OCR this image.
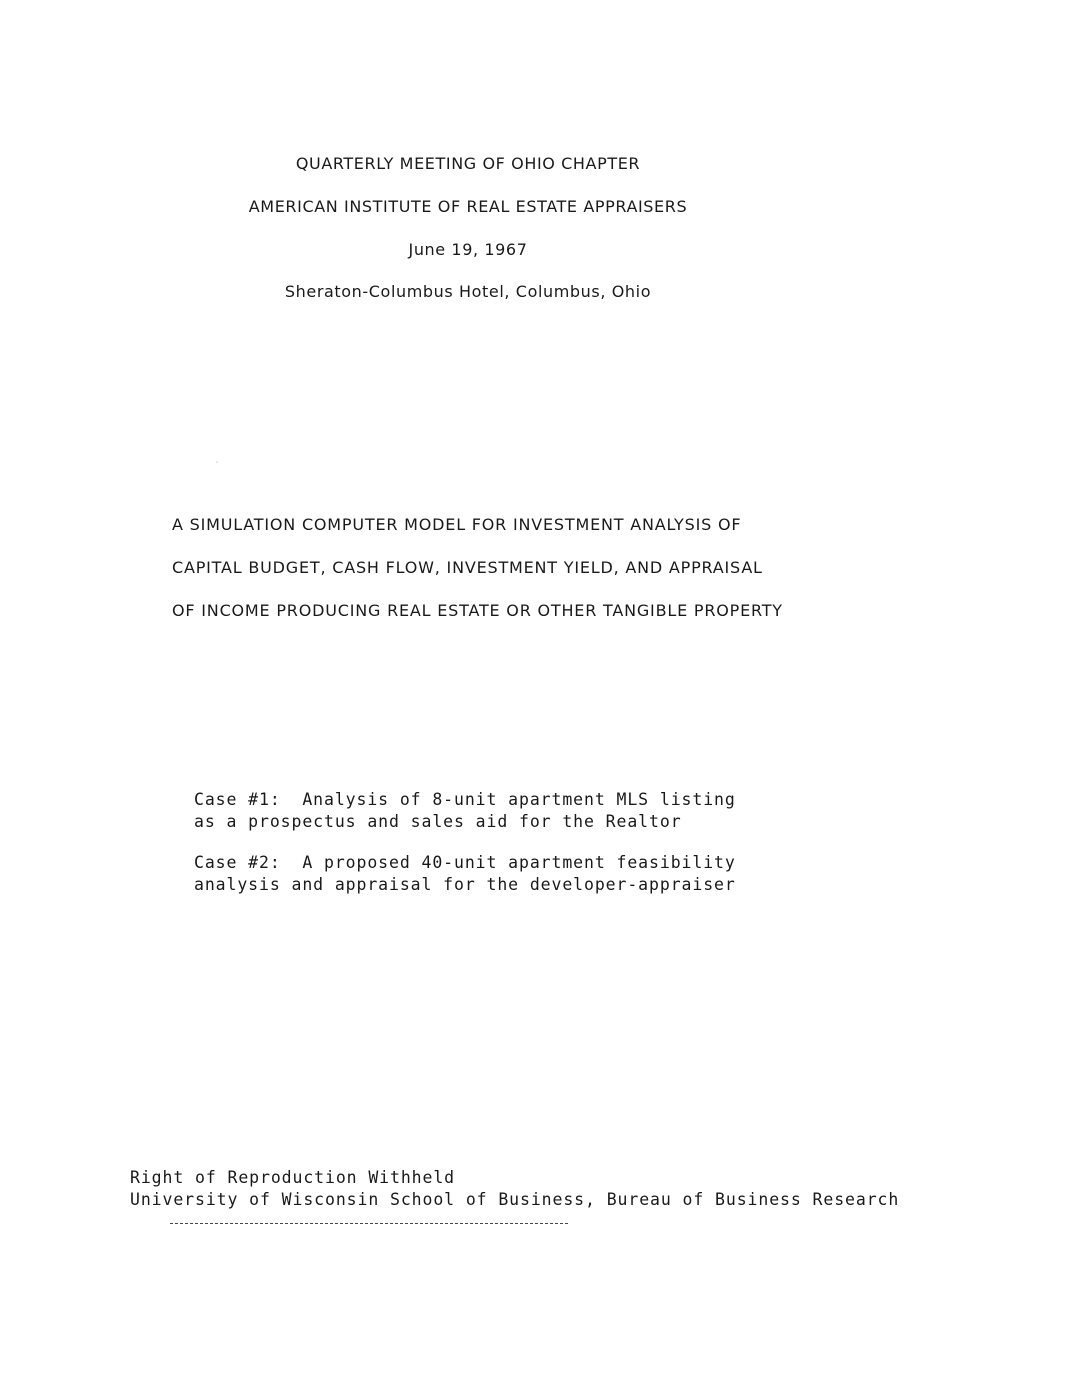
QUARTERLY MEETING OF OHIO CHAPTER
AMERICAN INSTITUTE OF REAL ESTATE APPRAISERS
June 19, 1967
Sheraton-Columbus Hotel, Columbus, Ohio
A SIMULATION COMPUTER MODEL FOR INVESTMENT ANALYSIS OF
CAPITAL BUDGET, CASH FLOW, INVESTMENT YIELD, AND APPRAISAL
OF INCOME PRODUCING REAL ESTATE OR OTHER TANGIBLE PROPERTY
Case #1:  Analysis of 8-unit apartment MLS listing
as a prospectus and sales aid for the Realtor
Case #2:  A proposed 40-unit apartment feasibility
analysis and appraisal for the developer-appraiser
Right of Reproduction Withheld
University of Wisconsin School of Business, Bureau of Business Research
